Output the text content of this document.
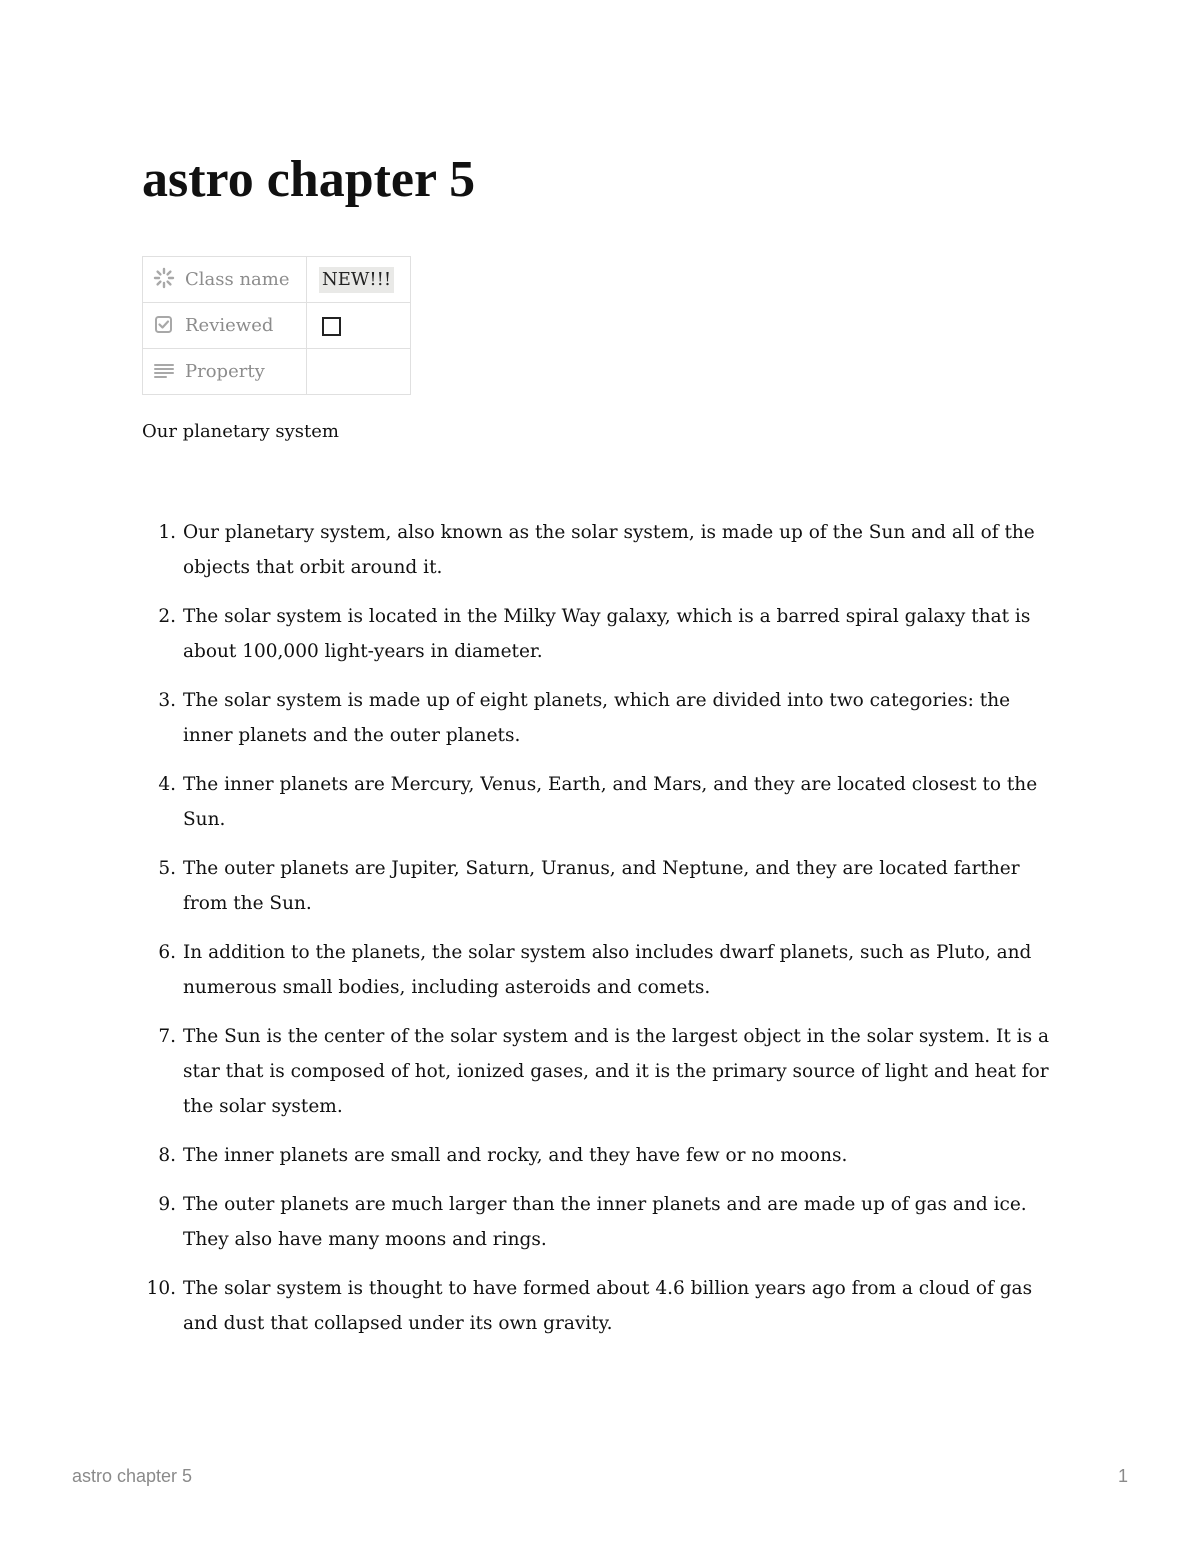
astro chapter 5
Class name	NEW!!!

Reviewed	

Property	

Our planetary system

1. Our planetary system, also known as the solar system, is made up of the Sun and all of the objects that orbit around it.
2. The solar system is located in the Milky Way galaxy, which is a barred spiral galaxy that is about 100,000 light-years in diameter.
3. The solar system is made up of eight planets, which are divided into two categories: the inner planets and the outer planets.
4. The inner planets are Mercury, Venus, Earth, and Mars, and they are located closest to the Sun.
5. The outer planets are Jupiter, Saturn, Uranus, and Neptune, and they are located farther from the Sun.
6. In addition to the planets, the solar system also includes dwarf planets, such as Pluto, and numerous small bodies, including asteroids and comets.
7. The Sun is the center of the solar system and is the largest object in the solar system. It is a star that is composed of hot, ionized gases, and it is the primary source of light and heat for the solar system.
8. The inner planets are small and rocky, and they have few or no moons.
9. The outer planets are much larger than the inner planets and are made up of gas and ice. They also have many moons and rings.
10. The solar system is thought to have formed about 4.6 billion years ago from a cloud of gas and dust that collapsed under its own gravity.
astro chapter 5	1
